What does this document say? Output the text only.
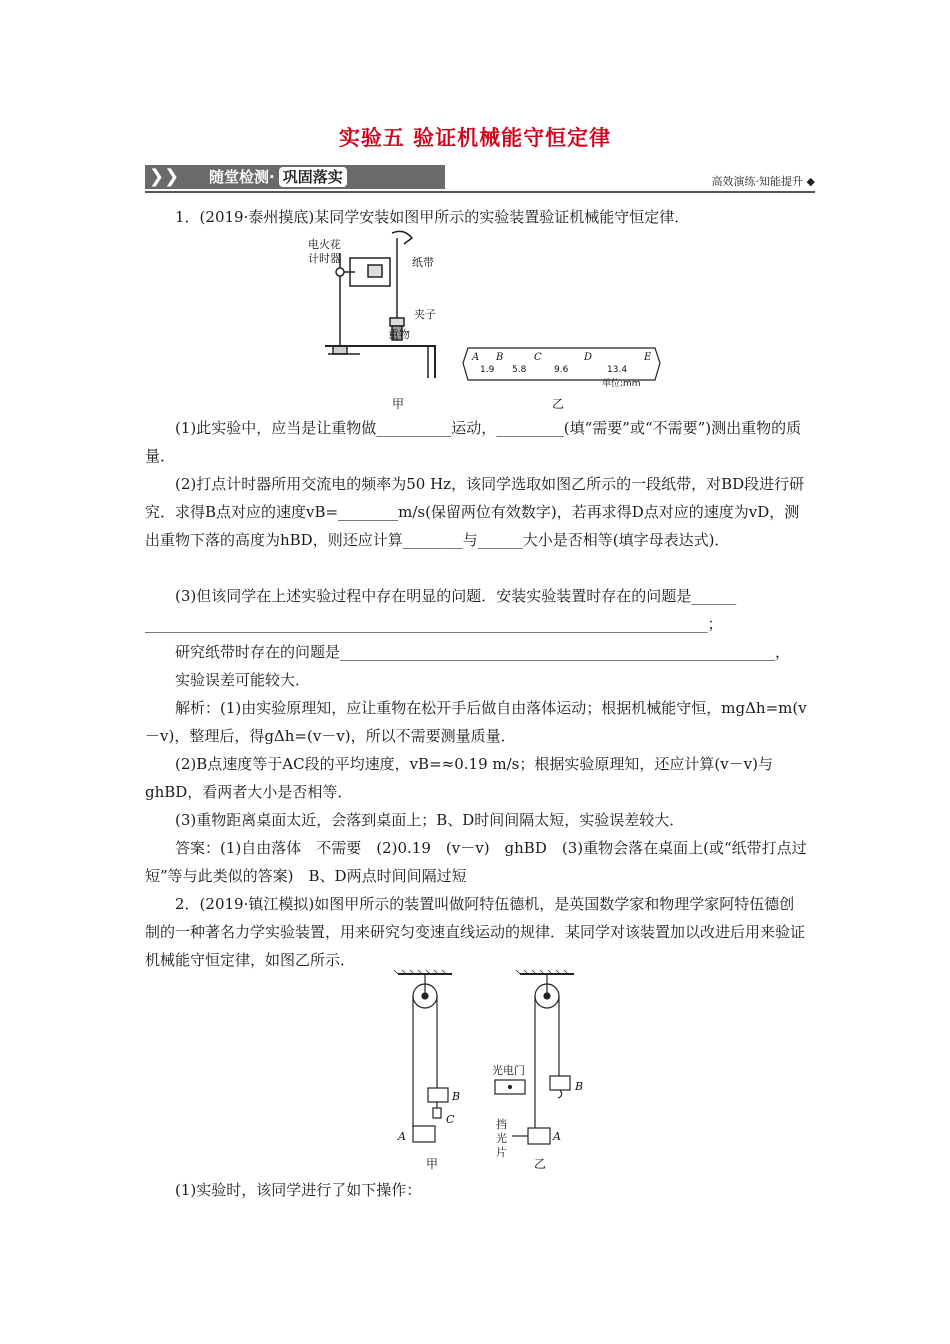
实验五 验证机械能守恒定律
❯❯ 随堂检测· 巩固落实	高效演练·知能提升 ◆

1．(2019·泰州摸底)某同学安装如图甲所示的实验装置验证机械能守恒定律．

电火花
计时器	纸带
夹子
重物
A B	C	D	E
1.9 5.8	9.6	13.4
单位:mm
甲	乙

(1)此实验中，应当是让重物做__________运动，_________(填“需要”或“不需要”)测出重物的质量．

(2)打点计时器所用交流电的频率为50 Hz，该同学选取如图乙所示的一段纸带，对BD段进行研究．求得B点对应的速度vB=________m/s(保留两位有效数字)，若再求得D点对应的速度为vD，测出重物下落的高度为hBD，则还应计算________与______大小是否相等(填字母表达式)．

(3)但该同学在上述实验过程中存在明显的问题．安装实验装置时存在的问题是______

___________________________________________________________________________；

研究纸带时存在的问题是__________________________________________________________，

实验误差可能较大．

解析：(1)由实验原理知，应让重物在松开手后做自由落体运动；根据机械能守恒，mgΔh=m(v－v)，整理后，得gΔh=(v－v)，所以不需要测量质量．

(2)B点速度等于AC段的平均速度，vB=≈0.19 m/s；根据实验原理知，还应计算(v－v)与ghBD，看两者大小是否相等．

(3)重物距离桌面太近，会落到桌面上；B、D时间间隔太短，实验误差较大．

答案：(1)自由落体　不需要　(2)0.19　(v－v)　ghBD　(3)重物会落在桌面上(或“纸带打点过短”等与此类似的答案)　B、D两点时间间隔过短

2．(2019·镇江模拟)如图甲所示的装置叫做阿特伍德机，是英国数学家和物理学家阿特伍德创制的一种著名力学实验装置，用来研究匀变速直线运动的规律．某同学对该装置加以改进后用来验证机械能守恒定律，如图乙所示．

B
C
A
光电门
B
A
挡
光
片
甲	乙

(1)实验时，该同学进行了如下操作：
